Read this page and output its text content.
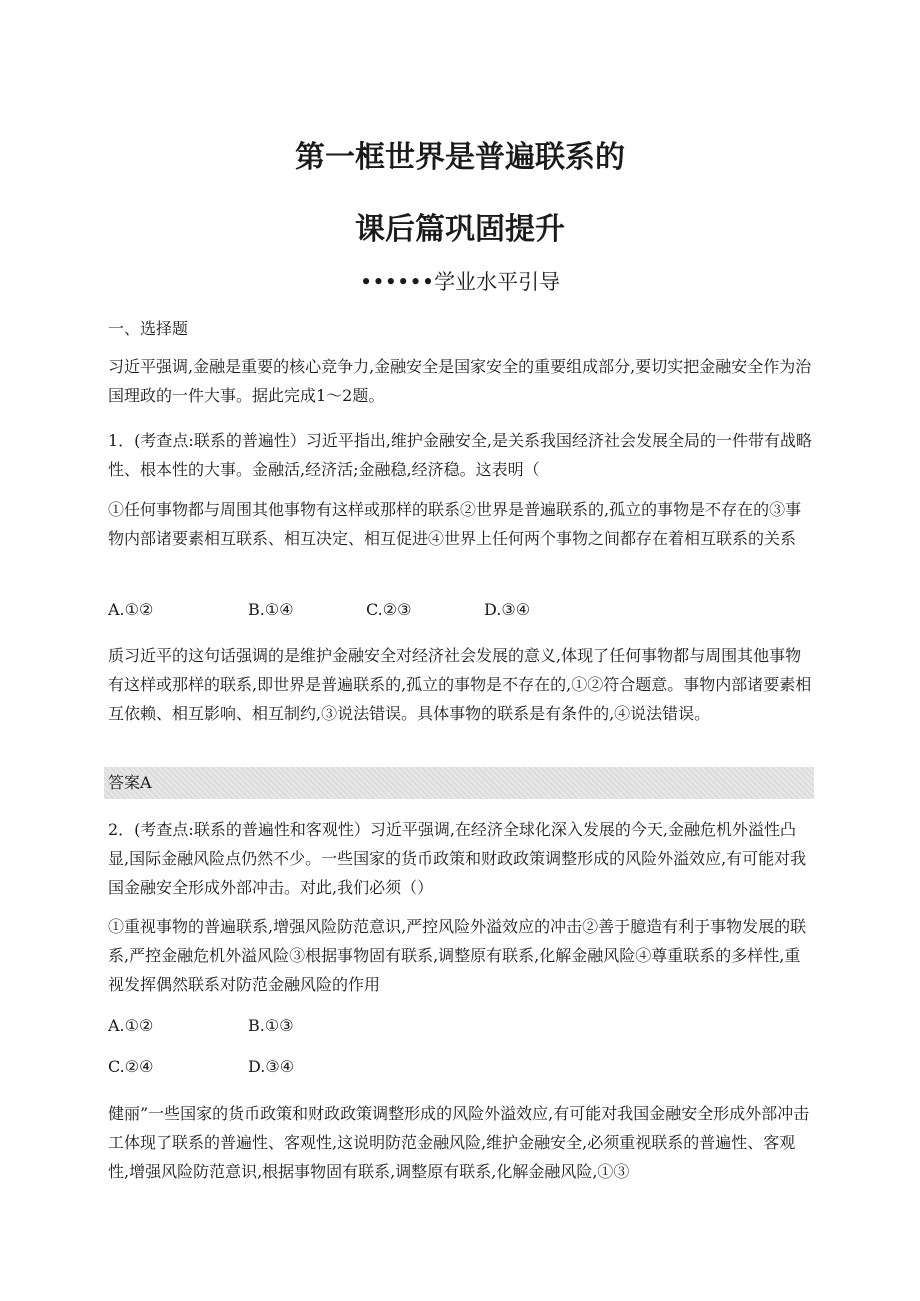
第一框世界是普遍联系的
课后篇巩固提升
••••••学业水平引导

一、选择题

习近平强调,金融是重要的核心竞争力,金融安全是国家安全的重要组成部分,要切实把金融安全作为治国理政的一件大事。据此完成1〜2题。

1．(考查点:联系的普遍性）习近平指出,维护金融安全,是关系我国经济社会发展全局的一件带有战略性、根本性的大事。金融活,经济活;金融稳,经济稳。这表明（

①任何事物都与周围其他事物有这样或那样的联系②世界是普遍联系的,孤立的事物是不存在的③事物内部诸要素相互联系、相互决定、相互促进④世界上任何两个事物之间都存在着相互联系的关系

A.①②	B.①④	C.②③	D.③④

质习近平的这句话强调的是维护金融安全对经济社会发展的意义,体现了任何事物都与周围其他事物有这样或那样的联系,即世界是普遍联系的,孤立的事物是不存在的,①②符合题意。事物内部诸要素相互依赖、相互影响、相互制约,③说法错误。具体事物的联系是有条件的,④说法错误。

答案A

2．(考查点:联系的普遍性和客观性）习近平强调,在经济全球化深入发展的今天,金融危机外溢性凸显,国际金融风险点仍然不少。一些国家的货币政策和财政政策调整形成的风险外溢效应,有可能对我国金融安全形成外部冲击。对此,我们必须（）

①重视事物的普遍联系,增强风险防范意识,严控风险外溢效应的冲击②善于臆造有利于事物发展的联系,严控金融危机外溢风险③根据事物固有联系,调整原有联系,化解金融风险④尊重联系的多样性,重视发挥偶然联系对防范金融风险的作用

A.①②	B.①③
C.②④	D.③④

健丽”一些国家的货币政策和财政政策调整形成的风险外溢效应,有可能对我国金融安全形成外部冲击工体现了联系的普遍性、客观性,这说明防范金融风险,维护金融安全,必须重视联系的普遍性、客观性,增强风险防范意识,根据事物固有联系,调整原有联系,化解金融风险,①③
